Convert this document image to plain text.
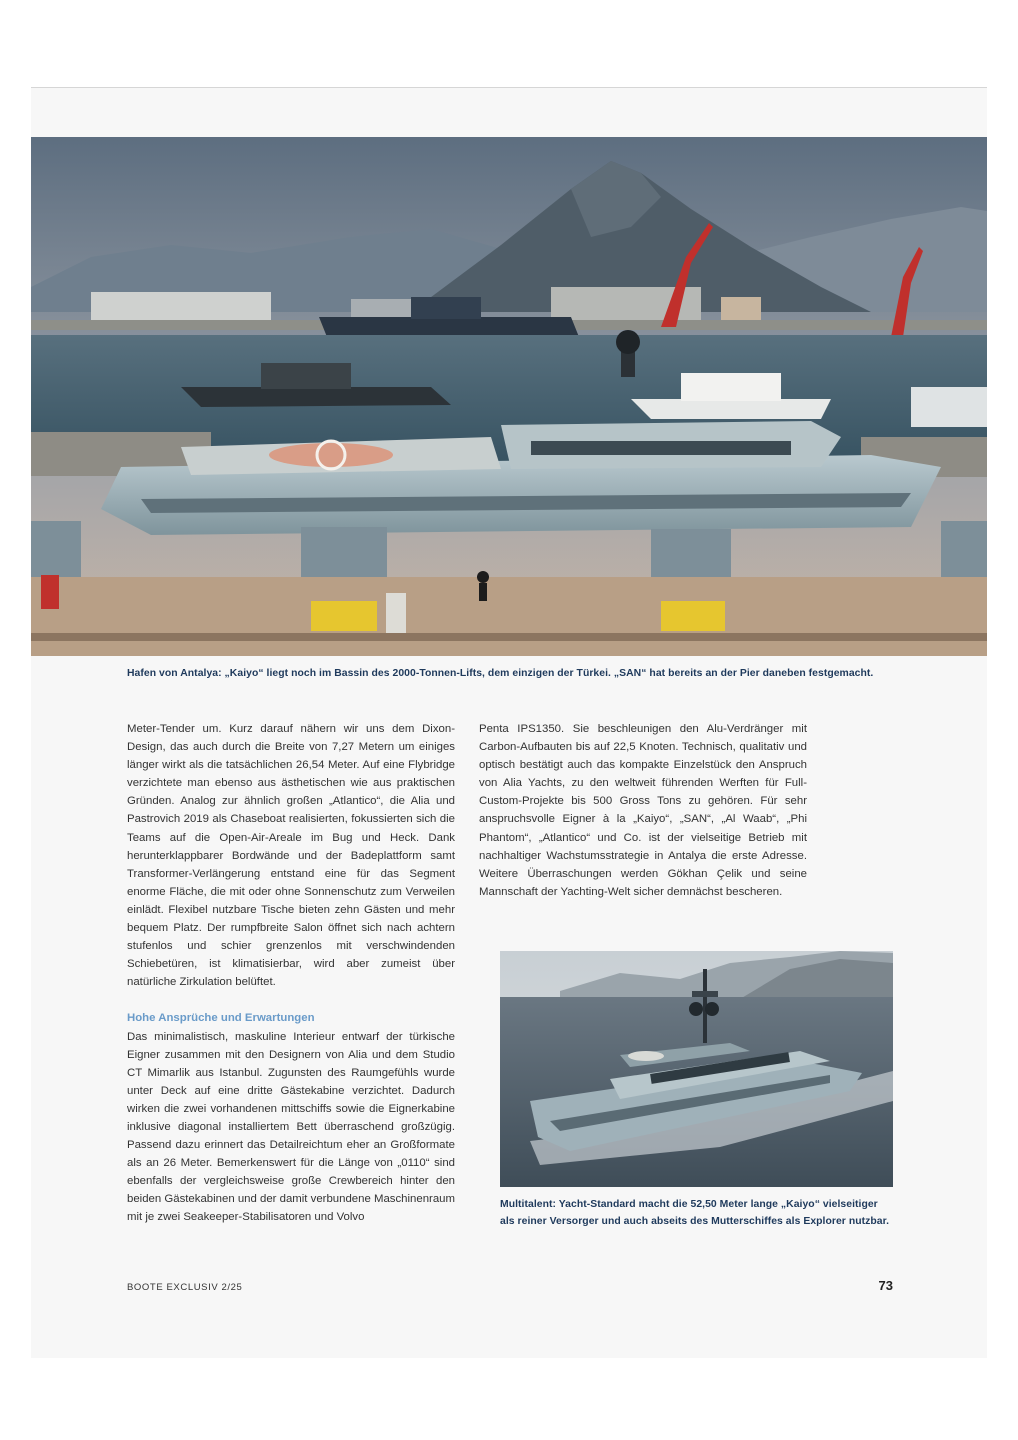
Hafen von Antalya: „Kaiyo“ liegt noch im Bassin des 2000-Tonnen-Lifts, dem einzigen der Türkei. „SAN“ hat bereits an der Pier daneben festgemacht.

Meter-Tender um. Kurz darauf nähern wir uns dem Dixon-Design, das auch durch die Breite von 7,27 Metern um einiges länger wirkt als die tatsächlichen 26,54 Meter. Auf eine Flybridge verzichtete man ebenso aus ästhetischen wie aus praktischen Gründen. Analog zur ähnlich großen „Atlantico“, die Alia und Pastrovich 2019 als Chaseboat realisierten, fokussierten sich die Teams auf die Open-Air-Areale im Bug und Heck. Dank herunterklappbarer Bordwände und der Badeplattform samt Transformer-Verlängerung entstand eine für das Segment enorme Fläche, die mit oder ohne Sonnenschutz zum Verweilen einlädt. Flexibel nutzbare Tische bieten zehn Gästen und mehr bequem Platz. Der rumpfbreite Salon öffnet sich nach achtern stufenlos und schier grenzenlos mit verschwindenden Schiebetüren, ist klimatisierbar, wird aber zumeist über natürliche Zirkulation belüftet.

Hohe Ansprüche und Erwartungen

Das minimalistisch, maskuline Interieur entwarf der türkische Eigner zusammen mit den Designern von Alia und dem Studio CT Mimarlik aus Istanbul. Zugunsten des Raumgefühls wurde unter Deck auf eine dritte Gästekabine verzichtet. Dadurch wirken die zwei vorhandenen mittschiffs sowie die Eignerkabine inklusive diagonal installiertem Bett überraschend großzügig. Passend dazu erinnert das Detailreichtum eher an Großformate als an 26 Meter. Bemerkenswert für die Länge von „0110“ sind ebenfalls der vergleichsweise große Crewbereich hinter den beiden Gästekabinen und der damit verbundene Maschinenraum mit je zwei Seakeeper-Stabilisatoren und Volvo

Penta IPS1350. Sie beschleunigen den Alu-Verdränger mit Carbon-Aufbauten bis auf 22,5 Knoten. Technisch, qualitativ und optisch bestätigt auch das kompakte Einzelstück den Anspruch von Alia Yachts, zu den weltweit führenden Werften für Full-Custom-Projekte bis 500 Gross Tons zu gehören. Für sehr anspruchsvolle Eigner à la „Kaiyo“, „SAN“, „Al Waab“, „Phi Phantom“, „Atlantico“ und Co. ist der vielseitige Betrieb mit nachhaltiger Wachstumsstrategie in Antalya die erste Adresse. Weitere Überraschungen werden Gökhan Çelik und seine Mannschaft der Yachting-Welt sicher demnächst bescheren.

Multitalent: Yacht-Standard macht die 52,50 Meter lange „Kaiyo“ vielseitiger als reiner Versorger und auch abseits des Mutterschiffes als Explorer nutzbar.
BOOTE EXCLUSIV 2/25	73
